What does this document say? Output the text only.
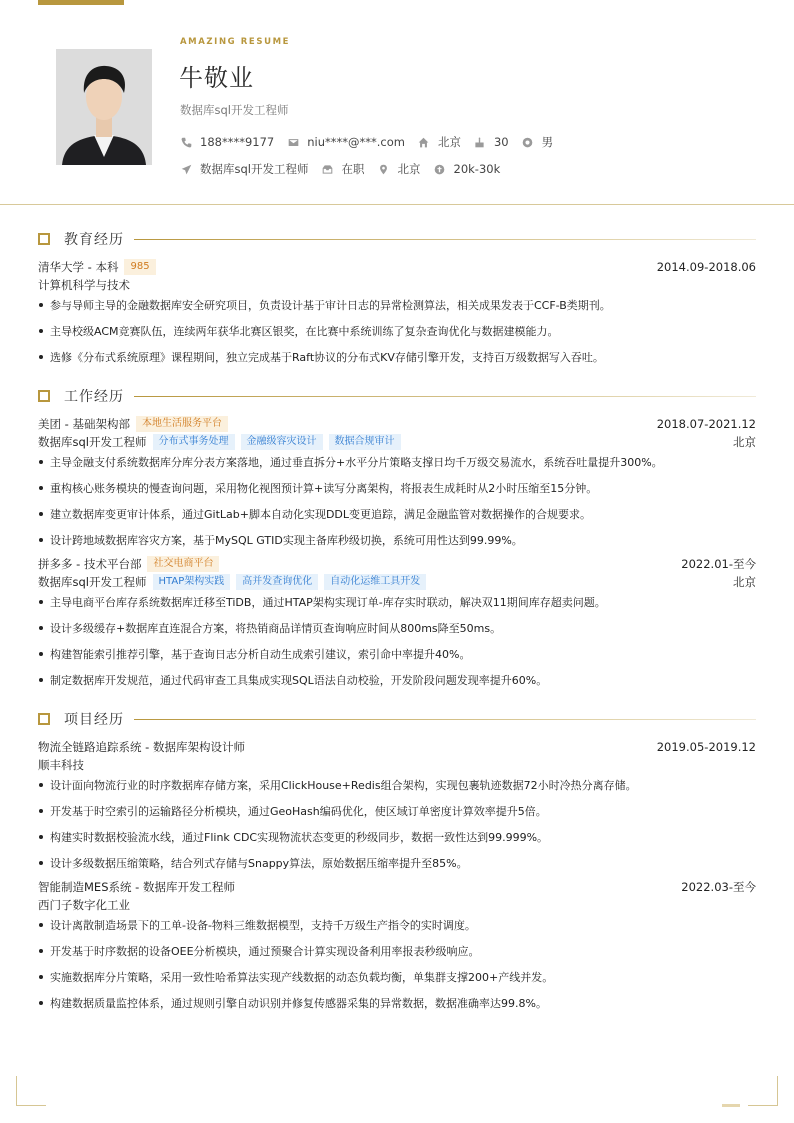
AMAZING RESUME
牛敬业
数据库sql开发工程师
188****9177	niu****@***.com	北京	30	男
数据库sql开发工程师	在职	北京	20k-30k
教育经历
清华大学 - 本科	985	2014.09-2018.06
计算机科学与技术
参与导师主导的金融数据库安全研究项目，负责设计基于审计日志的异常检测算法，相关成果发表于CCF-B类期刊。
主导校级ACM竞赛队伍，连续两年获华北赛区银奖，在比赛中系统训练了复杂查询优化与数据建模能力。
选修《分布式系统原理》课程期间，独立完成基于Raft协议的分布式KV存储引擎开发，支持百万级数据写入吞吐。
工作经历
美团 - 基础架构部	本地生活服务平台	2018.07-2021.12
数据库sql开发工程师	分布式事务处理	金融级容灾设计	数据合规审计	北京
主导金融支付系统数据库分库分表方案落地，通过垂直拆分+水平分片策略支撑日均千万级交易流水，系统吞吐量提升300%。
重构核心账务模块的慢查询问题，采用物化视图预计算+读写分离架构，将报表生成耗时从2小时压缩至15分钟。
建立数据库变更审计体系，通过GitLab+脚本自动化实现DDL变更追踪，满足金融监管对数据操作的合规要求。
设计跨地域数据库容灾方案，基于MySQL GTID实现主备库秒级切换，系统可用性达到99.99%。
拼多多 - 技术平台部	社交电商平台	2022.01-至今
数据库sql开发工程师	HTAP架构实践	高并发查询优化	自动化运维工具开发	北京
主导电商平台库存系统数据库迁移至TiDB，通过HTAP架构实现订单-库存实时联动，解决双11期间库存超卖问题。
设计多级缓存+数据库直连混合方案，将热销商品详情页查询响应时间从800ms降至50ms。
构建智能索引推荐引擎，基于查询日志分析自动生成索引建议，索引命中率提升40%。
制定数据库开发规范，通过代码审查工具集成实现SQL语法自动校验，开发阶段问题发现率提升60%。
项目经历
物流全链路追踪系统 - 数据库架构设计师	2019.05-2019.12
顺丰科技
设计面向物流行业的时序数据库存储方案，采用ClickHouse+Redis组合架构，实现包裹轨迹数据72小时冷热分离存储。
开发基于时空索引的运输路径分析模块，通过GeoHash编码优化，使区域订单密度计算效率提升5倍。
构建实时数据校验流水线，通过Flink CDC实现物流状态变更的秒级同步，数据一致性达到99.999%。
设计多级数据压缩策略，结合列式存储与Snappy算法，原始数据压缩率提升至85%。
智能制造MES系统 - 数据库开发工程师	2022.03-至今
西门子数字化工业
设计离散制造场景下的工单-设备-物料三维数据模型，支持千万级生产指令的实时调度。
开发基于时序数据的设备OEE分析模块，通过预聚合计算实现设备利用率报表秒级响应。
实施数据库分片策略，采用一致性哈希算法实现产线数据的动态负载均衡，单集群支撑200+产线并发。
构建数据质量监控体系，通过规则引擎自动识别并修复传感器采集的异常数据，数据准确率达99.8%。
